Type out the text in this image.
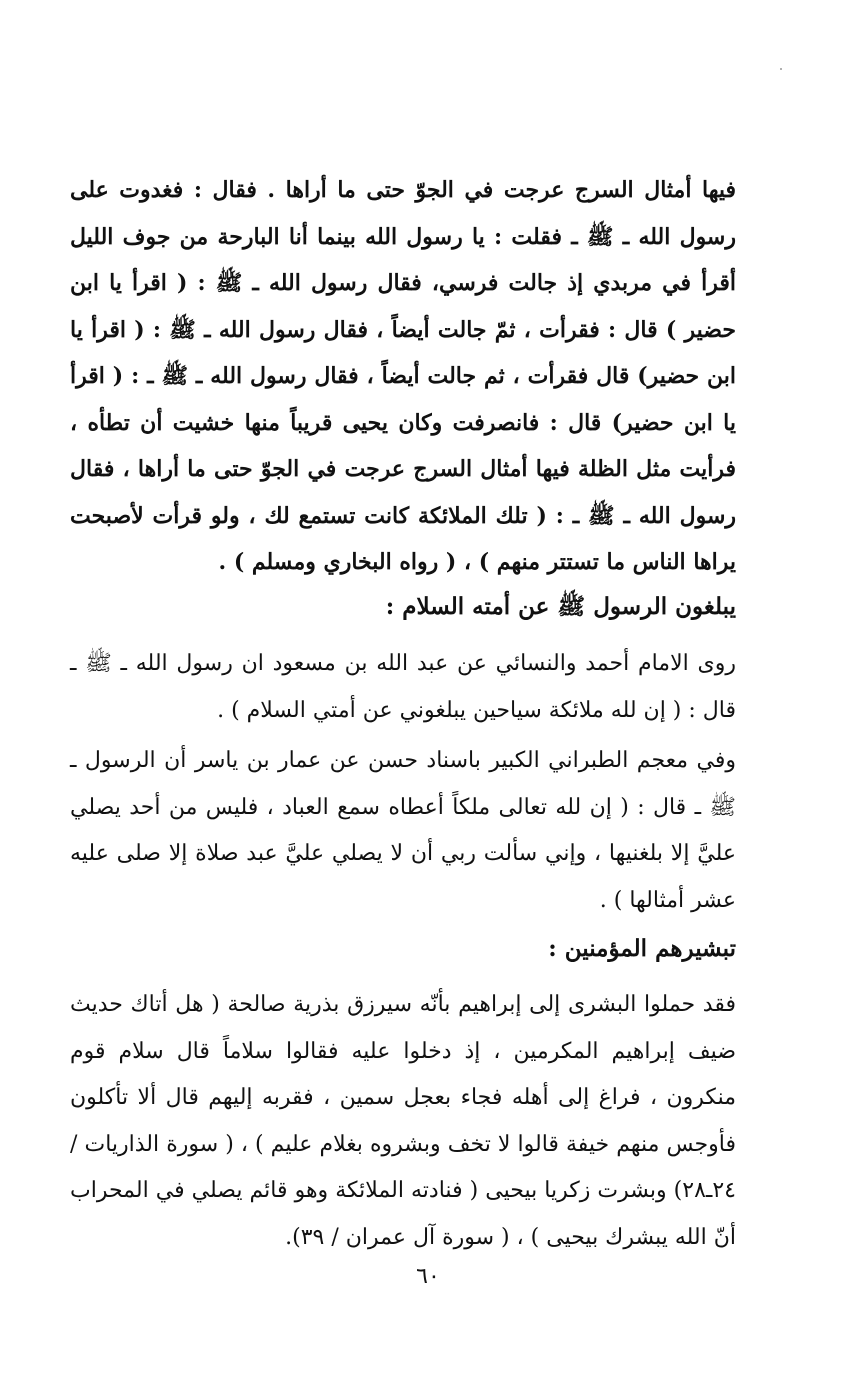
فيها أمثال السرج عرجت في الجوّ حتى ما أراها . فقال : فغدوت على رسول الله ـ ﷺ ـ فقلت : يا رسول الله بينما أنا البارحة من جوف الليل أقرأ في مربدي إذ جالت فرسي، فقال رسول الله ـ ﷺ : ( اقرأ يا ابن حضير ) قال : فقرأت ، ثمّ جالت أيضاً ، فقال رسول الله ـ ﷺ : ( اقرأ يا ابن حضير) قال فقرأت ، ثم جالت أيضاً ، فقال رسول الله ـ ﷺ ـ : ( اقرأ يا ابن حضير) قال : فانصرفت وكان يحيى قريباً منها خشيت أن تطأه ، فرأيت مثل الظلة فيها أمثال السرج عرجت في الجوّ حتى ما أراها ، فقال رسول الله ـ ﷺ ـ : ( تلك الملائكة كانت تستمع لك ، ولو قرأت لأصبحت يراها الناس ما تستتر منهم ) ، ( رواه البخاري ومسلم ) .

يبلغون الرسول ﷺ عن أمته السلام :

روى الامام أحمد والنسائي عن عبد الله بن مسعود ان رسول الله ـ ﷺ ـ قال : ( إن لله ملائكة سياحين يبلغوني عن أمتي السلام ) .

وفي معجم الطبراني الكبير باسناد حسن عن عمار بن ياسر أن الرسول ـ ﷺ ـ قال : ( إن لله تعالى ملكاً أعطاه سمع العباد ، فليس من أحد يصلي عليَّ إلا بلغنيها ، وإني سألت ربي أن لا يصلي عليَّ عبد صلاة إلا صلى عليه عشر أمثالها ) .

تبشيرهم المؤمنين :

فقد حملوا البشرى إلى إبراهيم بأنّه سيرزق بذرية صالحة ( هل أتاك حديث ضيف إبراهيم المكرمين ، إذ دخلوا عليه فقالوا سلاماً قال سلام قوم منكرون ، فراغ إلى أهله فجاء بعجل سمين ، فقربه إليهم قال ألا تأكلون فأوجس منهم خيفة قالوا لا تخف وبشروه بغلام عليم ) ، ( سورة الذاريات / ٢٤ـ٢٨) وبشرت زكريا بيحيى ( فنادته الملائكة وهو قائم يصلي في المحراب أنّ الله يبشرك بيحيى ) ، ( سورة آل عمران / ٣٩).

٦٠
